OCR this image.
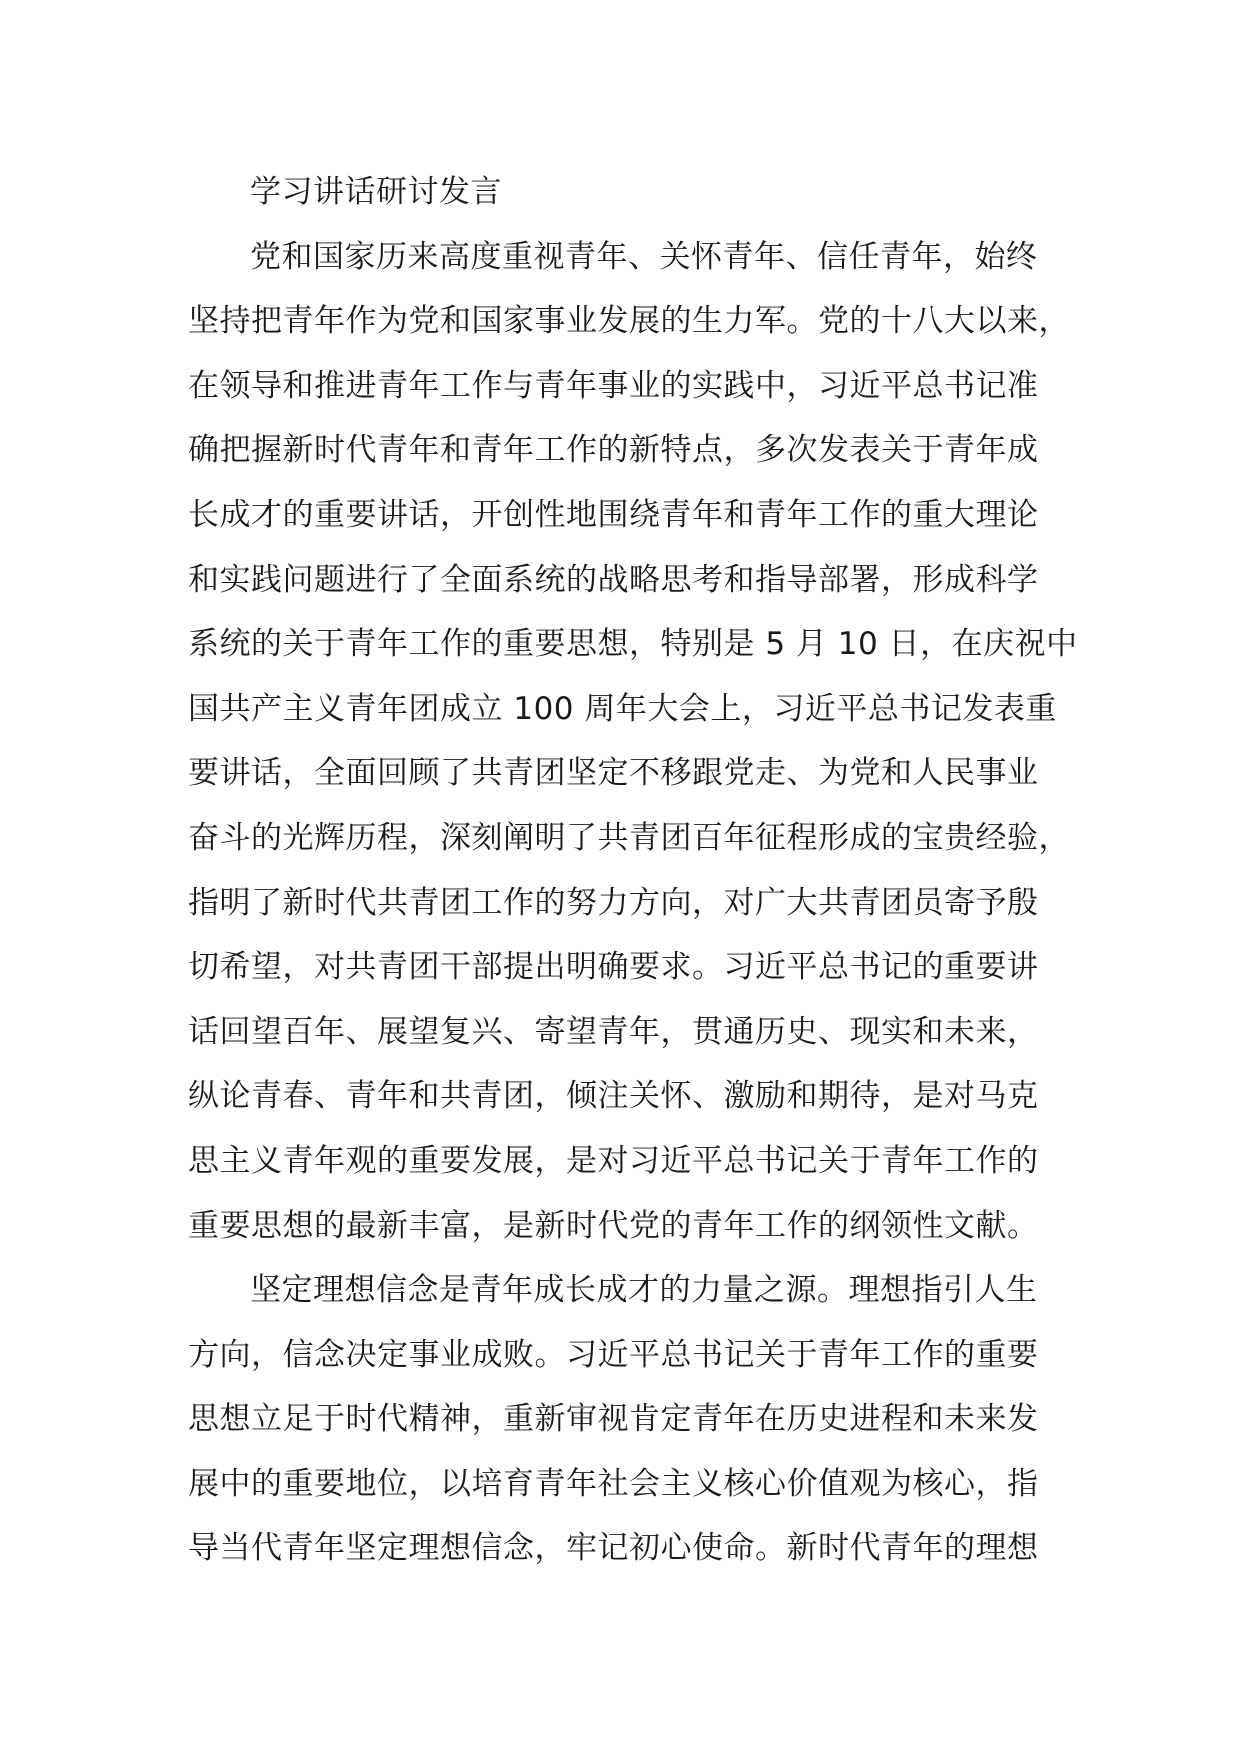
学习讲话研讨发言
党和国家历来高度重视青年、关怀青年、信任青年，始终
坚持把青年作为党和国家事业发展的生力军。党的十八大以来，
在领导和推进青年工作与青年事业的实践中，习近平总书记准
确把握新时代青年和青年工作的新特点，多次发表关于青年成
长成才的重要讲话，开创性地围绕青年和青年工作的重大理论
和实践问题进行了全面系统的战略思考和指导部署，形成科学
系统的关于青年工作的重要思想，特别是 5 月 10 日，在庆祝中
国共产主义青年团成立 100 周年大会上，习近平总书记发表重
要讲话，全面回顾了共青团坚定不移跟党走、为党和人民事业
奋斗的光辉历程，深刻阐明了共青团百年征程形成的宝贵经验，
指明了新时代共青团工作的努力方向，对广大共青团员寄予殷
切希望，对共青团干部提出明确要求。习近平总书记的重要讲
话回望百年、展望复兴、寄望青年，贯通历史、现实和未来，
纵论青春、青年和共青团，倾注关怀、激励和期待，是对马克
思主义青年观的重要发展，是对习近平总书记关于青年工作的
重要思想的最新丰富，是新时代党的青年工作的纲领性文献。
坚定理想信念是青年成长成才的力量之源。理想指引人生
方向，信念决定事业成败。习近平总书记关于青年工作的重要
思想立足于时代精神，重新审视肯定青年在历史进程和未来发
展中的重要地位，以培育青年社会主义核心价值观为核心，指
导当代青年坚定理想信念，牢记初心使命。新时代青年的理想
